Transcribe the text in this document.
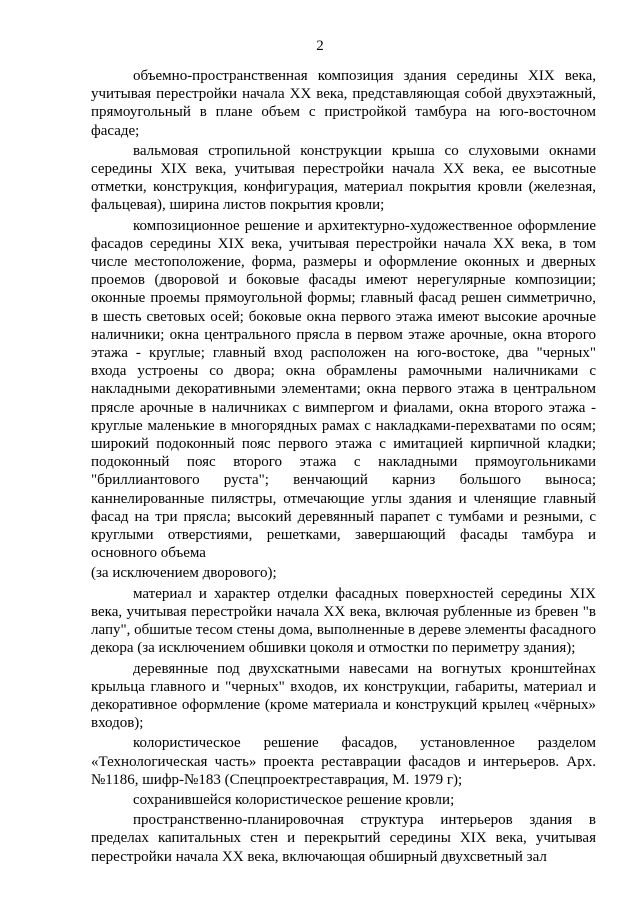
2

объемно-пространственная композиция здания середины XIX века, учитывая перестройки начала XX века, представляющая собой двухэтажный, прямоугольный в плане объем с пристройкой тамбура на юго-восточном фасаде;

вальмовая стропильной конструкции крыша со слуховыми окнами середины XIX века, учитывая перестройки начала XX века, ее высотные отметки, конструкция, конфигурация, материал покрытия кровли (железная, фальцевая), ширина листов покрытия кровли;

композиционное решение и архитектурно-художественное оформление фасадов середины XIX века, учитывая перестройки начала XX века, в том числе местоположение, форма, размеры и оформление оконных и дверных проемов (дворовой и боковые фасады имеют нерегулярные композиции; оконные проемы прямоугольной формы; главный фасад решен симметрично, в шесть световых осей; боковые окна первого этажа имеют высокие арочные наличники; окна центрального прясла в первом этаже арочные, окна второго этажа - круглые; главный вход расположен на юго-востоке, два "черных" входа устроены со двора; окна обрамлены рамочными наличниками с накладными декоративными элементами; окна первого этажа в центральном прясле арочные в наличниках с вимпергом и фиалами, окна второго этажа - круглые маленькие в многорядных рамах с накладками-перехватами по осям; широкий подоконный пояс первого этажа с имитацией кирпичной кладки; подоконный пояс второго этажа с накладными прямоугольниками "бриллиантового руста"; венчающий карниз большого выноса; каннелированные пилястры, отмечающие углы здания и членящие главный фасад на три прясла; высокий деревянный парапет с тумбами и резными, с круглыми отверстиями, решетками, завершающий фасады тамбура и основного объема

(за исключением дворового);

материал и характер отделки фасадных поверхностей середины XIX века, учитывая перестройки начала XX века, включая рубленные из бревен "в лапу", обшитые тесом стены дома, выполненные в дереве элементы фасадного декора (за исключением обшивки цоколя и отмостки по периметру здания);

деревянные под двухскатными навесами на вогнутых кронштейнах крыльца главного и "черных" входов, их конструкции, габариты, материал и декоративное оформление (кроме материала и конструкций крылец «чёрных» входов);

колористическое решение фасадов, установленное разделом «Технологическая часть» проекта реставрации фасадов и интерьеров. Арх.№1186, шифр-№183 (Спецпроектреставрация, М. 1979 г);

сохранившейся колористическое решение кровли;

пространственно-планировочная структура интерьеров здания в пределах капитальных стен и перекрытий середины XIX века, учитывая перестройки начала XX века, включающая обширный двухсветный зал
